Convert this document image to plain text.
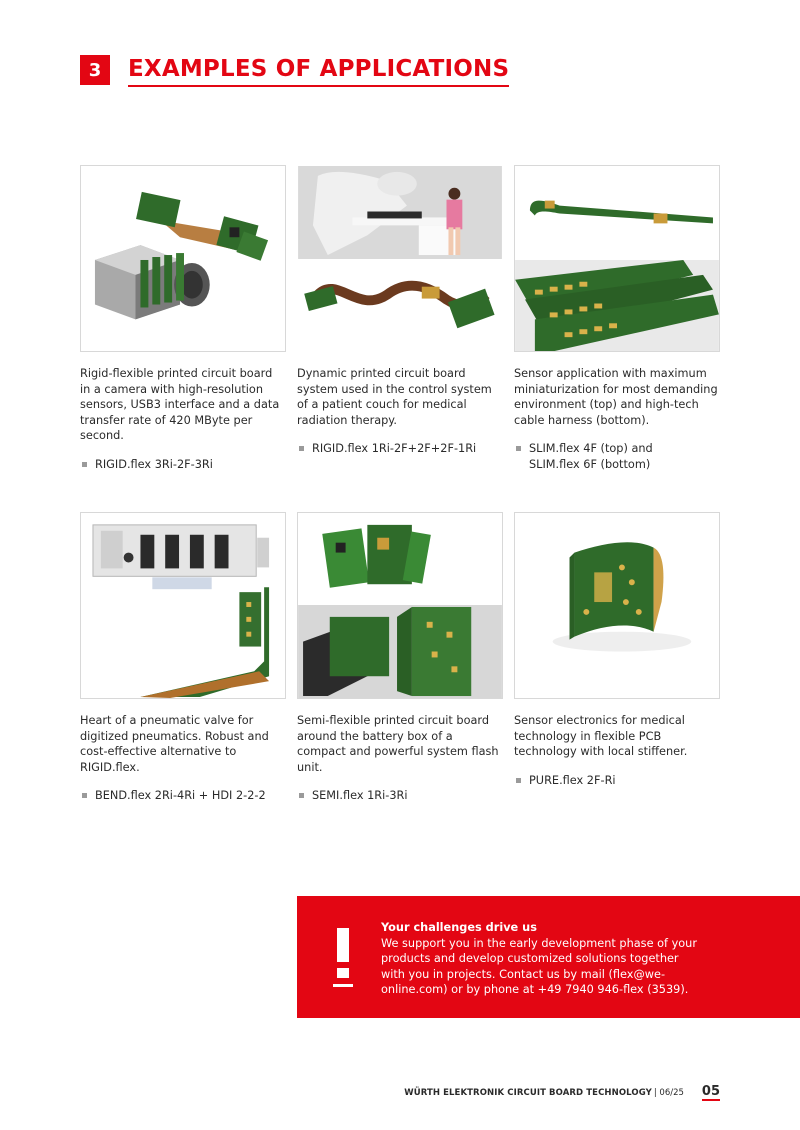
3	EXAMPLES OF APPLICATIONS
Rigid-flexible printed circuit board in a camera with high-resolution sensors, USB3 interface and a data transfer rate of 420 MByte per second.
RIGID.flex 3Ri-2F-3Ri
Dynamic printed circuit board system used in the control system of a patient couch for medical radiation therapy.
RIGID.flex 1Ri-2F+2F+2F-1Ri
Sensor application with maximum miniaturization for most demanding environment (top) and high-tech cable harness (bottom).
SLIM.flex 4F (top) and
SLIM.flex 6F (bottom)
Heart of a pneumatic valve for digitized pneumatics. Robust and cost-effective alternative to RIGID.flex.
BEND.flex 2Ri-4Ri + HDI 2-2-2
Semi-flexible printed circuit board around the battery box of a compact and powerful system flash unit.
SEMI.flex 1Ri-3Ri
Sensor electronics for medical technology in flexible PCB technology with local stiffener.
PURE.flex 2F-Ri
Your challenges drive us
We support you in the early development phase of your products and develop customized solutions together with you in projects. Contact us by mail (flex@we-online.com) or by phone at +49 7940 946-flex (3539).
WÜRTH ELEKTRONIK CIRCUIT BOARD TECHNOLOGY | 06/25 05
